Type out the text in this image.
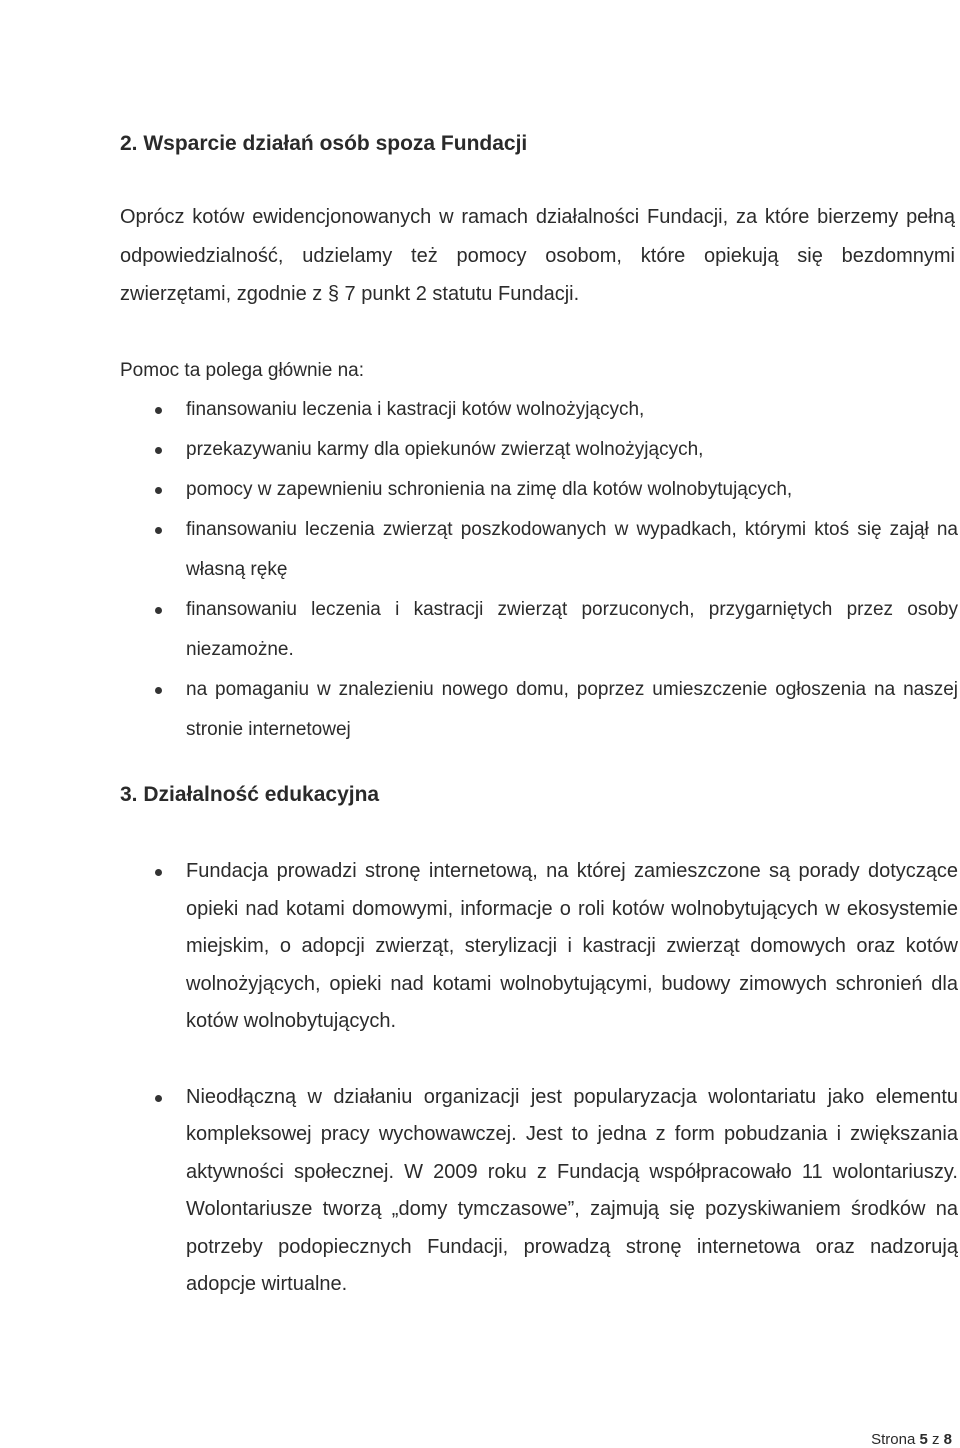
2. Wsparcie działań osób spoza Fundacji

Oprócz kotów ewidencjonowanych w ramach działalności Fundacji, za które bierzemy pełną odpowiedzialność, udzielamy też pomocy osobom, które opiekują się bezdomnymi zwierzętami, zgodnie z § 7 punkt 2 statutu Fundacji.

Pomoc ta polega głównie na:

finansowaniu leczenia i kastracji kotów wolnożyjących,
przekazywaniu karmy dla opiekunów zwierząt wolnożyjących,
pomocy w zapewnieniu schronienia na zimę dla kotów wolnobytujących,
finansowaniu leczenia zwierząt poszkodowanych w wypadkach, którymi ktoś się zajął na własną rękę
finansowaniu leczenia i kastracji zwierząt porzuconych, przygarniętych przez osoby niezamożne.
na pomaganiu w znalezieniu nowego domu, poprzez umieszczenie ogłoszenia na naszej stronie internetowej
3. Działalność edukacyjna
Fundacja prowadzi stronę internetową, na której zamieszczone są porady dotyczące opieki nad kotami domowymi, informacje o roli kotów wolnobytujących w ekosystemie miejskim, o adopcji zwierząt, sterylizacji i kastracji zwierząt domowych oraz kotów wolnożyjących, opieki nad kotami wolnobytującymi, budowy zimowych schronień dla kotów wolnobytujących.
Nieodłączną w działaniu organizacji jest popularyzacja wolontariatu jako elementu kompleksowej pracy wychowawczej. Jest to jedna z form pobudzania i zwiększania aktywności społecznej. W 2009 roku z Fundacją współpracowało 11 wolontariuszy. Wolontariusze tworzą „domy tymczasowe”, zajmują się pozyskiwaniem środków na potrzeby podopiecznych Fundacji, prowadzą stronę internetowa oraz nadzorują adopcje wirtualne.
Strona 5 z 8
